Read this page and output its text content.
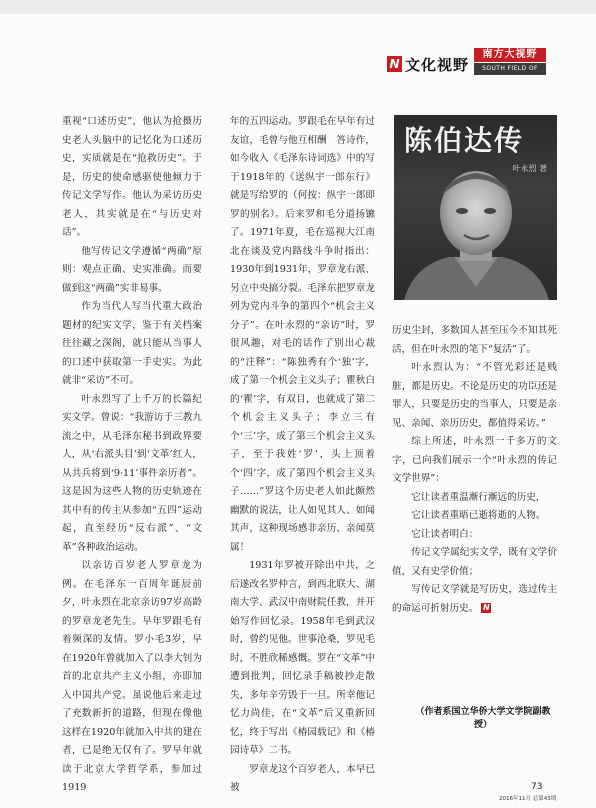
N 文化视野
南方大视野
SOUTH FIELD OF VISION

重视“口述历史”，他认为抢摄历史老人头脑中的记忆化为口述历史，实质就是在“抢救历史”。于是，历史的使命感驱使他倾力于传记文学写作。他认为采访历史老人，其实就是在“与历史对话”。

他写传记文学遵循“两确”原则：观点正确、史实准确。而要做到这“两确”实非易事。

作为当代人写当代重大政治题材的纪实文学，鉴于有关档案往往藏之深阁，就只能从当事人的口述中获取第一手史实。为此就非“采访”不可。

叶永烈写了上千万的长篇纪实文学。曾说：“我游访于三教九流之中，从毛泽东秘书到政界要人，从‘右派头目’到‘文革’红人，从共兵将到‘9·11’事件亲历者”。这是因为这些人物的历史轨迹在其中有的传主从参加“五四”运动起，直至经历“反右派”、“文革”各种政治运动。

以亲访百岁老人罗章龙为例。在毛泽东一百周年诞辰前夕，叶永烈在北京亲访97岁高龄的罗章龙老先生。早年罗跟毛有着频深的友情。罗小毛3岁，早在1920年曾就加入了以李大钊为首的北京共产主义小组，亦即加入中国共产党。虽说他后来走过了充数新折的道路，但现在像他这样在1920年就加入中共的建在者，已是绝无仅有了。罗早年就读于北京大学哲学系，参加过1919

年的五四运动。罗跟毛在早年有过友谊，毛曾与他互相酬　答诗作，如今收入《毛泽东诗词选》中的写于1918年的《送纵宇一郎东行》就是写给罗的（何按：纵宇一郎即罗的别名）。后来罗和毛分道扬镳了。1971年夏，毛在巡视大江南北在谈及党内路线斗争时指出：1930年到1931年，罗章龙右派、另立中央搞分裂。毛泽东把罗章龙列为党内斗争的第四个“机会主义分子”。在叶永烈的“亲访”时，罗很风趣，对毛的话作了别出心裁的“注释”：“陈独秀有个‘独’字，成了第一个机会主义头子；瞿秋白的‘瞿’字，有双目，也就成了第二个机会主义头子；李立三有个‘三’字，成了第三个机会主义头子，至于我姓‘罗’，头上顶着个‘四’字，成了第四个机会主义头子……”罗这个历史老人如此颇然幽默的说法，让人如见其人、如闻其声，这种现场感非亲历、亲闻莫属！

1931年罗被开除出中共，之后遂改名罗仲言，到西北联大、湖南大学、武汉中南财院任教，并开始写作回忆录。1958年毛到武汉时，曾约见他。世事沧桑，罗见毛时，不胜欣稀感慨。罗在“文革”中遭到批判，回忆录手稿被抄走散失，多年辛劳毁于一旦。所幸他记忆力尚佳，在“文革”后又重新回忆，终于写出《椿园载记》和《椿园诗草》二书。

罗章龙这个百岁老人，本早已被

陈伯达传
叶永烈 著

历史尘封，多数国人甚至压今不知其死活，但在叶永烈的笔下“复活”了。

叶永烈认为：“不管光彩还是贱脏，都是历史。不论是历史的功臣还是罪人，只要是历史的当事人，只要是亲见、亲闻、亲历历史，都值得采访。”

综上所述，叶永烈一千多万的文字，已向我们展示一个“叶永烈的传记文学世界”：

它让读者重温漸行漸远的历史，

它让读者重晤已逝将逝的人物。

它让读者明白：

传记文学属纪实文学，既有文学价值，又有史学价值；

写传记文学就是写历史，选过传主的命运可折射历史。 N

（作者系国立华侨大学文学院副教授）
73
2016年11月 总第43期
